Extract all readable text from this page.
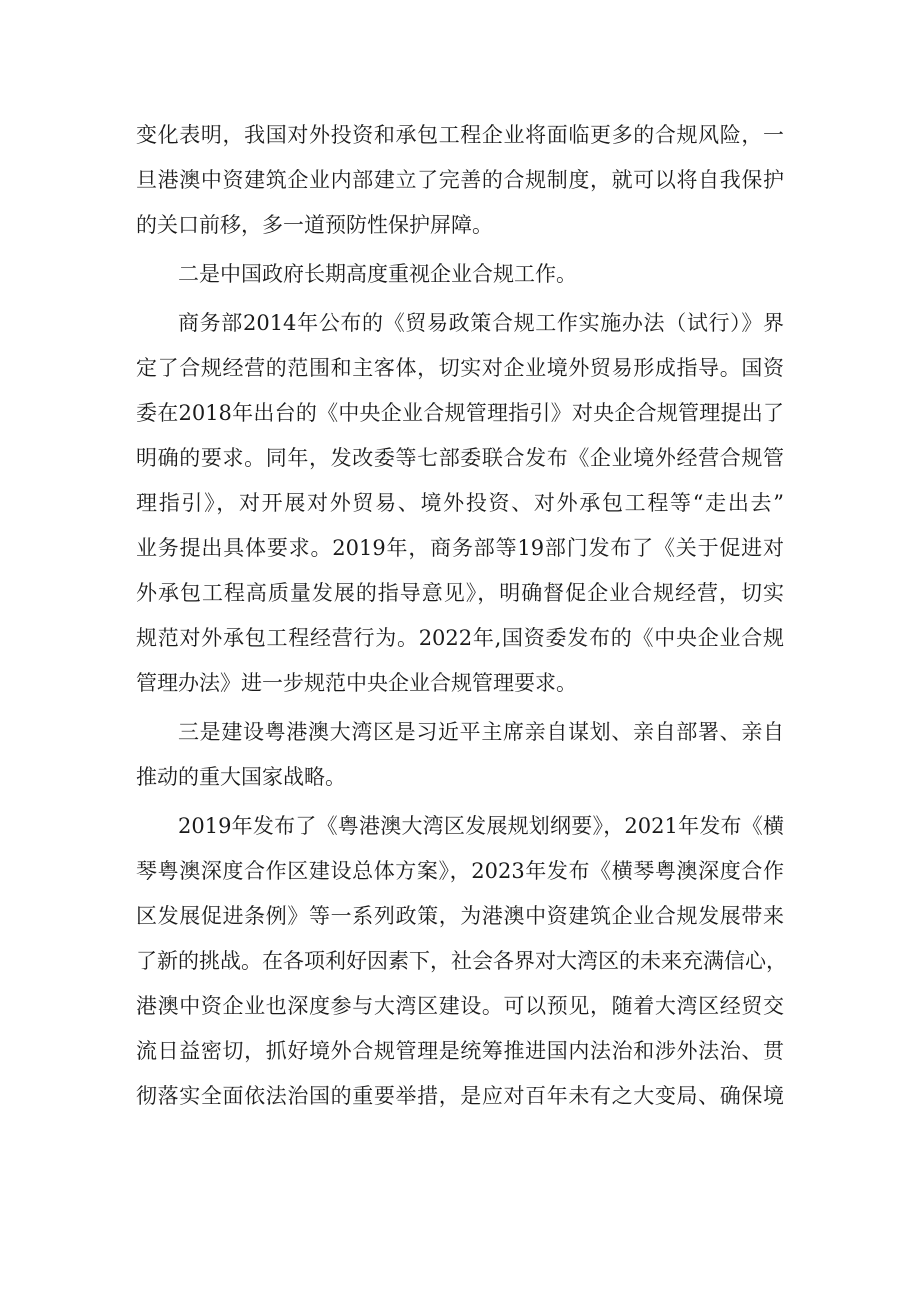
变化表明，我国对外投资和承包工程企业将面临更多的合规风险，一
旦港澳中资建筑企业内部建立了完善的合规制度，就可以将自我保护
的关口前移，多一道预防性保护屏障。
二是中国政府长期高度重视企业合规工作。
商务部2014年公布的《贸易政策合规工作实施办法（试行）》界
定了合规经营的范围和主客体，切实对企业境外贸易形成指导。国资
委在2018年出台的《中央企业合规管理指引》对央企合规管理提出了
明确的要求。同年，发改委等七部委联合发布《企业境外经营合规管
理指引》，对开展对外贸易、境外投资、对外承包工程等“走出去”
业务提出具体要求。2019年，商务部等19部门发布了《关于促进对
外承包工程高质量发展的指导意见》，明确督促企业合规经营，切实
规范对外承包工程经营行为。2022年,国资委发布的《中央企业合规
管理办法》进一步规范中央企业合规管理要求。
三是建设粤港澳大湾区是习近平主席亲自谋划、亲自部署、亲自
推动的重大国家战略。
2019年发布了《粤港澳大湾区发展规划纲要》，2021年发布《横
琴粤澳深度合作区建设总体方案》，2023年发布《横琴粤澳深度合作
区发展促进条例》等一系列政策，为港澳中资建筑企业合规发展带来
了新的挑战。在各项利好因素下，社会各界对大湾区的未来充满信心，
港澳中资企业也深度参与大湾区建设。可以预见，随着大湾区经贸交
流日益密切，抓好境外合规管理是统筹推进国内法治和涉外法治、贯
彻落实全面依法治国的重要举措，是应对百年未有之大变局、确保境
